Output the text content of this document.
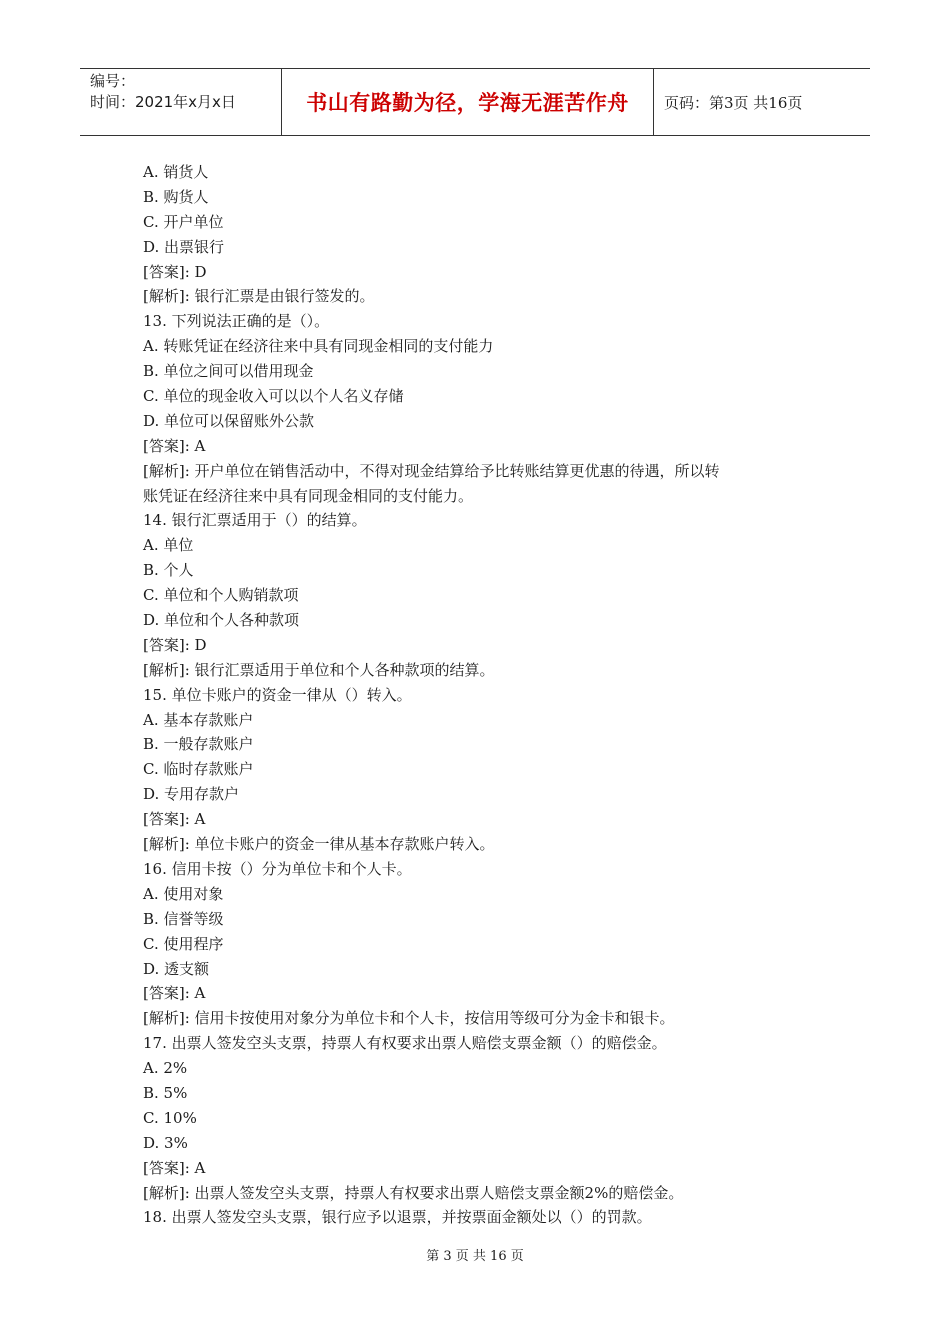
编号：
时间：2021年x月x日	书山有路勤为径，学海无涯苦作舟	页码：第3页 共16页
A. 销货人
B. 购货人
C. 开户单位
D. 出票银行
[答案]: D
[解析]: 银行汇票是由银行签发的。
13. 下列说法正确的是（）。
A. 转账凭证在经济往来中具有同现金相同的支付能力
B. 单位之间可以借用现金
C. 单位的现金收入可以以个人名义存储
D. 单位可以保留账外公款
[答案]: A
[解析]: 开户单位在销售活动中，不得对现金结算给予比转账结算更优惠的待遇，所以转
账凭证在经济往来中具有同现金相同的支付能力。
14. 银行汇票适用于（）的结算。
A. 单位
B. 个人
C. 单位和个人购销款项
D. 单位和个人各种款项
[答案]: D
[解析]: 银行汇票适用于单位和个人各种款项的结算。
15. 单位卡账户的资金一律从（）转入。
A. 基本存款账户
B. 一般存款账户
C. 临时存款账户
D. 专用存款户
[答案]: A
[解析]: 单位卡账户的资金一律从基本存款账户转入。
16. 信用卡按（）分为单位卡和个人卡。
A. 使用对象
B. 信誉等级
C. 使用程序
D. 透支额
[答案]: A
[解析]: 信用卡按使用对象分为单位卡和个人卡，按信用等级可分为金卡和银卡。
17. 出票人签发空头支票，持票人有权要求出票人赔偿支票金额（）的赔偿金。
A. 2%
B. 5%
C. 10%
D. 3%
[答案]: A
[解析]: 出票人签发空头支票，持票人有权要求出票人赔偿支票金额2%的赔偿金。
18. 出票人签发空头支票，银行应予以退票，并按票面金额处以（）的罚款。
第 3 页 共 16 页
